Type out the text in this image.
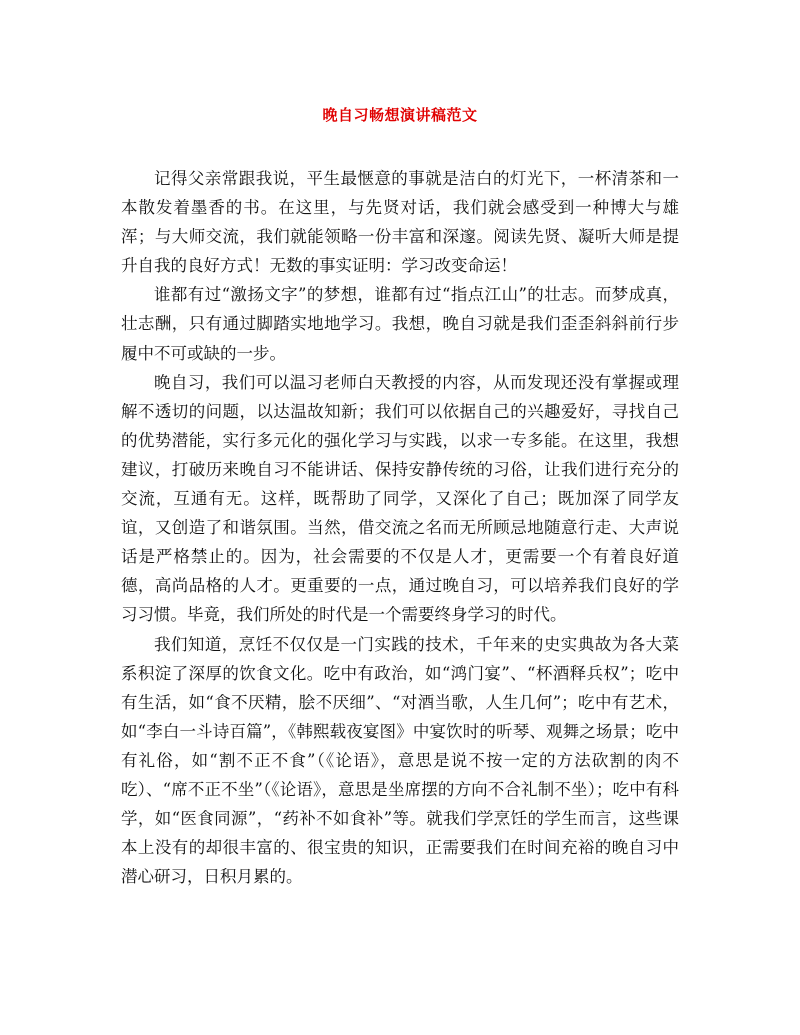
晚自习畅想演讲稿范文

记得父亲常跟我说，平生最惬意的事就是洁白的灯光下，一杯清茶和一本散发着墨香的书。在这里，与先贤对话，我们就会感受到一种博大与雄浑；与大师交流，我们就能领略一份丰富和深邃。阅读先贤、凝听大师是提升自我的良好方式！无数的事实证明：学习改变命运！

谁都有过“激扬文字”的梦想，谁都有过“指点江山”的壮志。而梦成真，壮志酬，只有通过脚踏实地地学习。我想，晚自习就是我们歪歪斜斜前行步履中不可或缺的一步。

晚自习，我们可以温习老师白天教授的内容，从而发现还没有掌握或理解不透切的问题，以达温故知新；我们可以依据自己的兴趣爱好，寻找自己的优势潜能，实行多元化的强化学习与实践，以求一专多能。在这里，我想建议，打破历来晚自习不能讲话、保持安静传统的习俗，让我们进行充分的交流，互通有无。这样，既帮助了同学，又深化了自己；既加深了同学友谊，又创造了和谐氛围。当然，借交流之名而无所顾忌地随意行走、大声说话是严格禁止的。因为，社会需要的不仅是人才，更需要一个有着良好道德，高尚品格的人才。更重要的一点，通过晚自习，可以培养我们良好的学习习惯。毕竟，我们所处的时代是一个需要终身学习的时代。

我们知道，烹饪不仅仅是一门实践的技术，千年来的史实典故为各大菜系积淀了深厚的饮食文化。吃中有政治，如“鸿门宴”、“杯酒释兵权”；吃中有生活，如“食不厌精，脍不厌细”、“对酒当歌，人生几何”；吃中有艺术，如“李白一斗诗百篇”，《韩熙载夜宴图》中宴饮时的听琴、观舞之场景；吃中有礼俗，如“割不正不食”（《论语》，意思是说不按一定的方法砍割的肉不吃）、“席不正不坐”（《论语》，意思是坐席摆的方向不合礼制不坐）；吃中有科学，如“医食同源”，“药补不如食补”等。就我们学烹饪的学生而言，这些课本上没有的却很丰富的、很宝贵的知识，正需要我们在时间充裕的晚自习中潜心研习，日积月累的。
